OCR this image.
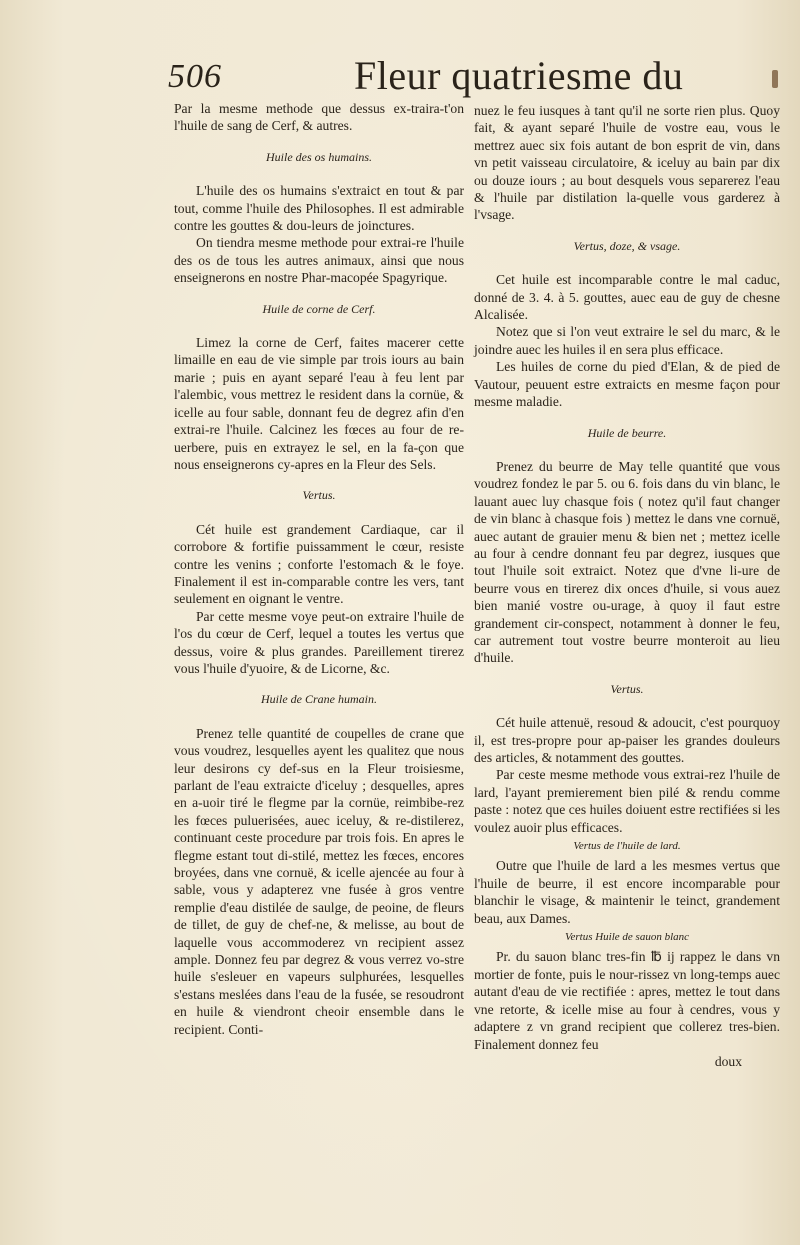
506	Fleur quatriesme du

Par la mesme methode que dessus ex-traira-t'on l'huile de sang de Cerf, & autres.

Huile des os humains.

L'huile des os humains s'extraict en tout & par tout, comme l'huile des Philosophes. Il est admirable contre les gouttes & dou-leurs de joinctures.

On tiendra mesme methode pour extrai-re l'huile des os de tous les autres animaux, ainsi que nous enseignerons en nostre Phar-macopée Spagyrique.

Huile de corne de Cerf.

Limez la corne de Cerf, faites macerer cette limaille en eau de vie simple par trois iours au bain marie ; puis en ayant separé l'eau à feu lent par l'alembic, vous mettrez le resident dans la cornüe, & icelle au four sable, donnant feu de degrez afin d'en extrai-re l'huile. Calcinez les fœces au four de re-uerbere, puis en extrayez le sel, en la fa-çon que nous enseignerons cy-apres en la Fleur des Sels.

Vertus.

Cét huile est grandement Cardiaque, car il corrobore & fortifie puissamment le cœur, resiste contre les venins ; conforte l'estomach & le foye. Finalement il est in-comparable contre les vers, tant seulement en oignant le ventre.

Par cette mesme voye peut-on extraire l'huile de l'os du cœur de Cerf, lequel a toutes les vertus que dessus, voire & plus grandes. Pareillement tirerez vous l'huile d'yuoire, & de Licorne, &c.

Huile de Crane humain.

Prenez telle quantité de coupelles de crane que vous voudrez, lesquelles ayent les qualitez que nous leur desirons cy def-sus en la Fleur troisiesme, parlant de l'eau extraicte d'iceluy ; desquelles, apres en a-uoir tiré le flegme par la cornüe, reimbibe-rez les fœces puluerisées, auec iceluy, & re-distilerez, continuant ceste procedure par trois fois. En apres le flegme estant tout di-stilé, mettez les fœces, encores broyées, dans vne cornuë, & icelle ajencée au four à sable, vous y adapterez vne fusée à gros ventre remplie d'eau distilée de saulge, de peoine, de fleurs de tillet, de guy de chef-ne, & melisse, au bout de laquelle vous accommoderez vn recipient assez ample. Donnez feu par degrez & vous verrez vo-stre huile s'esleuer en vapeurs sulphurées, lesquelles s'estans meslées dans l'eau de la fusée, se resoudront en huile & viendront cheoir ensemble dans le recipient. Conti-

nuez le feu iusques à tant qu'il ne sorte rien plus. Quoy fait, & ayant separé l'huile de vostre eau, vous le mettrez auec six fois autant de bon esprit de vin, dans vn petit vaisseau circulatoire, & iceluy au bain par dix ou douze iours ; au bout desquels vous separerez l'eau & l'huile par distilation la-quelle vous garderez à l'vsage.

Vertus, doze, & vsage.

Cet huile est incomparable contre le mal caduc, donné de 3. 4. à 5. gouttes, auec eau de guy de chesne Alcalisée.

Notez que si l'on veut extraire le sel du marc, & le joindre auec les huiles il en sera plus efficace.

Les huiles de corne du pied d'Elan, & de pied de Vautour, peuuent estre extraicts en mesme façon pour mesme maladie.

Huile de beurre.

Prenez du beurre de May telle quantité que vous voudrez fondez le par 5. ou 6. fois dans du vin blanc, le lauant auec luy chasque fois ( notez qu'il faut changer de vin blanc à chasque fois ) mettez le dans vne cornuë, auec autant de grauier menu & bien net ; mettez icelle au four à cendre donnant feu par degrez, iusques que tout l'huile soit extraict. Notez que d'vne li-ure de beurre vous en tirerez dix onces d'huile, si vous auez bien manié vostre ou-urage, à quoy il faut estre grandement cir-conspect, notamment à donner le feu, car autrement tout vostre beurre monteroit au lieu d'huile.

Vertus.

Cét huile attenuë, resoud & adoucit, c'est pourquoy il, est tres-propre pour ap-paiser les grandes douleurs des articles, & notamment des gouttes.

Par ceste mesme methode vous extrai-rez l'huile de lard, l'ayant premierement bien pilé & rendu comme paste : notez que ces huiles doiuent estre rectifiées si les voulez auoir plus efficaces.

Vertus de l'huile de lard.

Outre que l'huile de lard a les mesmes vertus que l'huile de beurre, il est encore incomparable pour blanchir le visage, & maintenir le teinct, grandement beau, aux Dames.

Vertus Huile de sauon blanc

Pr. du sauon blanc tres-fin ℔ ij rappez le dans vn mortier de fonte, puis le nour-rissez vn long-temps auec autant d'eau de vie rectifiée : apres, mettez le tout dans vne retorte, & icelle mise au four à cendres, vous y adaptere z vn grand recipient que collerez tres-bien. Finalement donnez feu

doux
